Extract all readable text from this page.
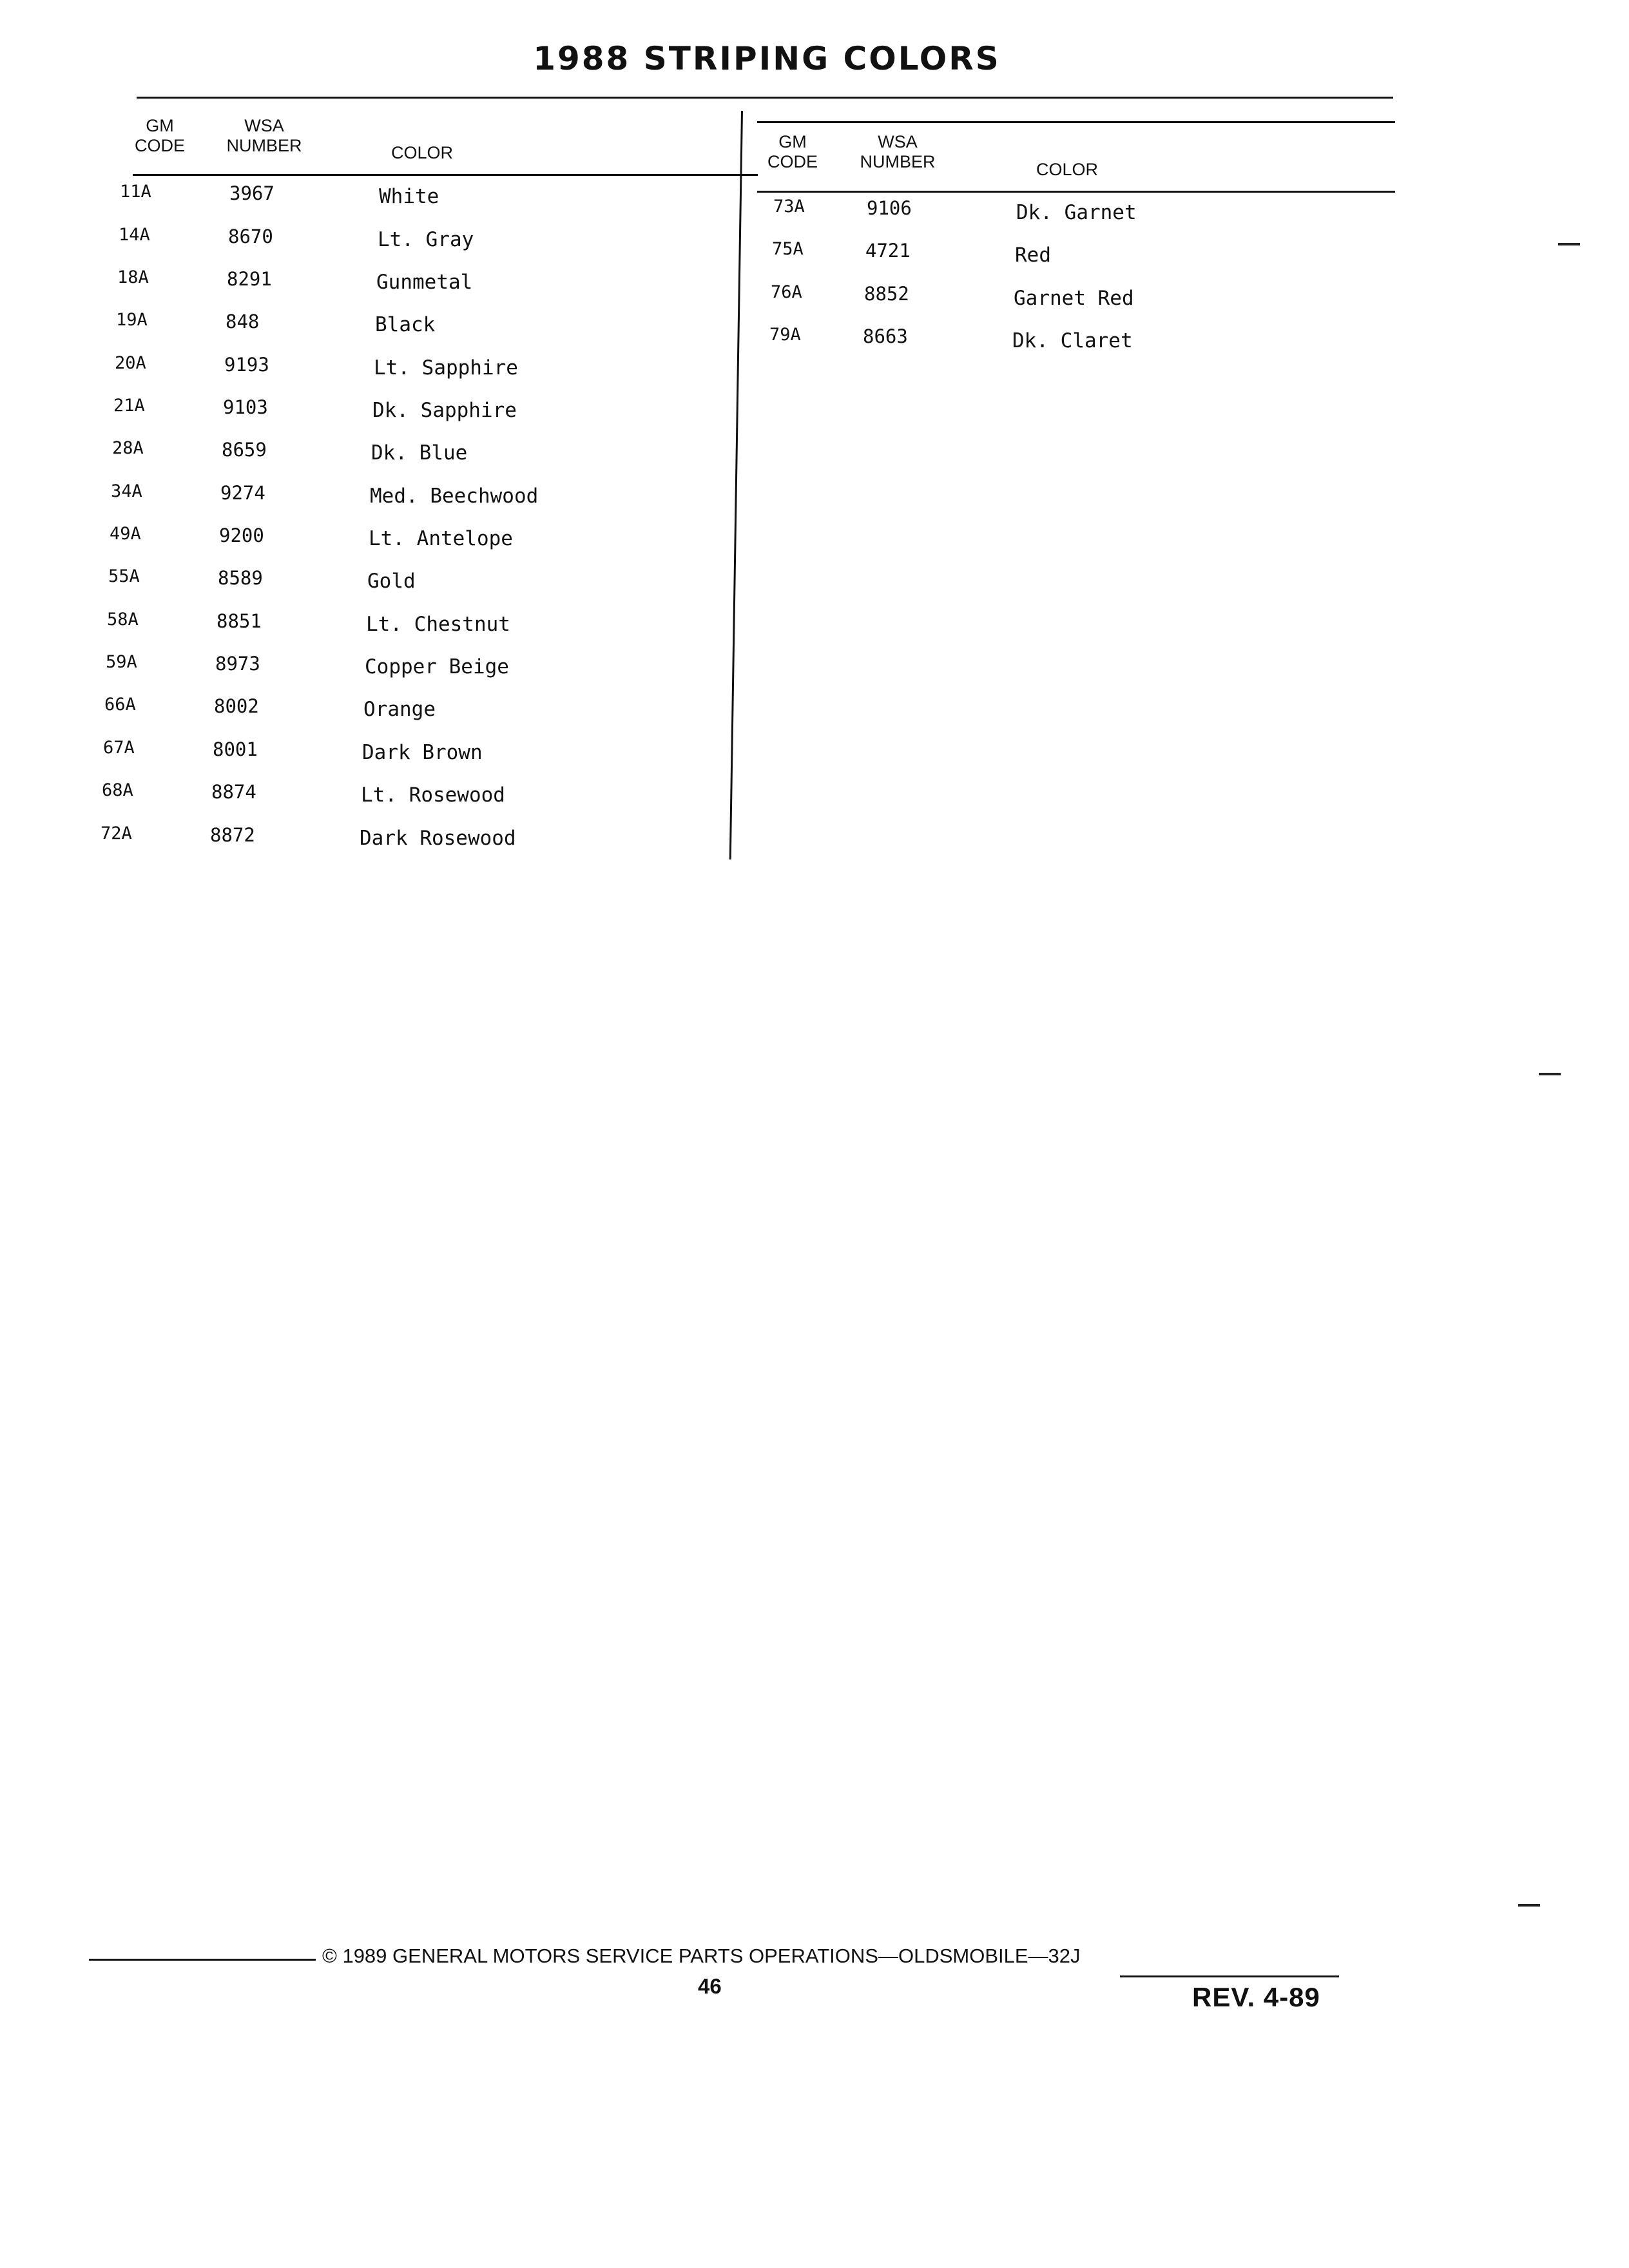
1988 STRIPING COLORS
GM
CODE
WSA
NUMBER	COLOR
GM
CODE
WSA
NUMBER	COLOR
11A	3967	White
14A	8670	Lt. Gray
18A	8291	Gunmetal
19A	848	Black
20A	9193	Lt. Sapphire
21A	9103	Dk. Sapphire
28A	8659	Dk. Blue
34A	9274	Med. Beechwood
49A	9200	Lt. Antelope
55A	8589	Gold
58A	8851	Lt. Chestnut
59A	8973	Copper Beige
66A	8002	Orange
67A	8001	Dark Brown
68A	8874	Lt. Rosewood
72A	8872	Dark Rosewood
73A	9106	Dk. Garnet
75A	4721	Red
76A	8852	Garnet Red
79A	8663	Dk. Claret
© 1989 GENERAL MOTORS SERVICE PARTS OPERATIONS—OLDSMOBILE—32J
46	REV. 4-89
